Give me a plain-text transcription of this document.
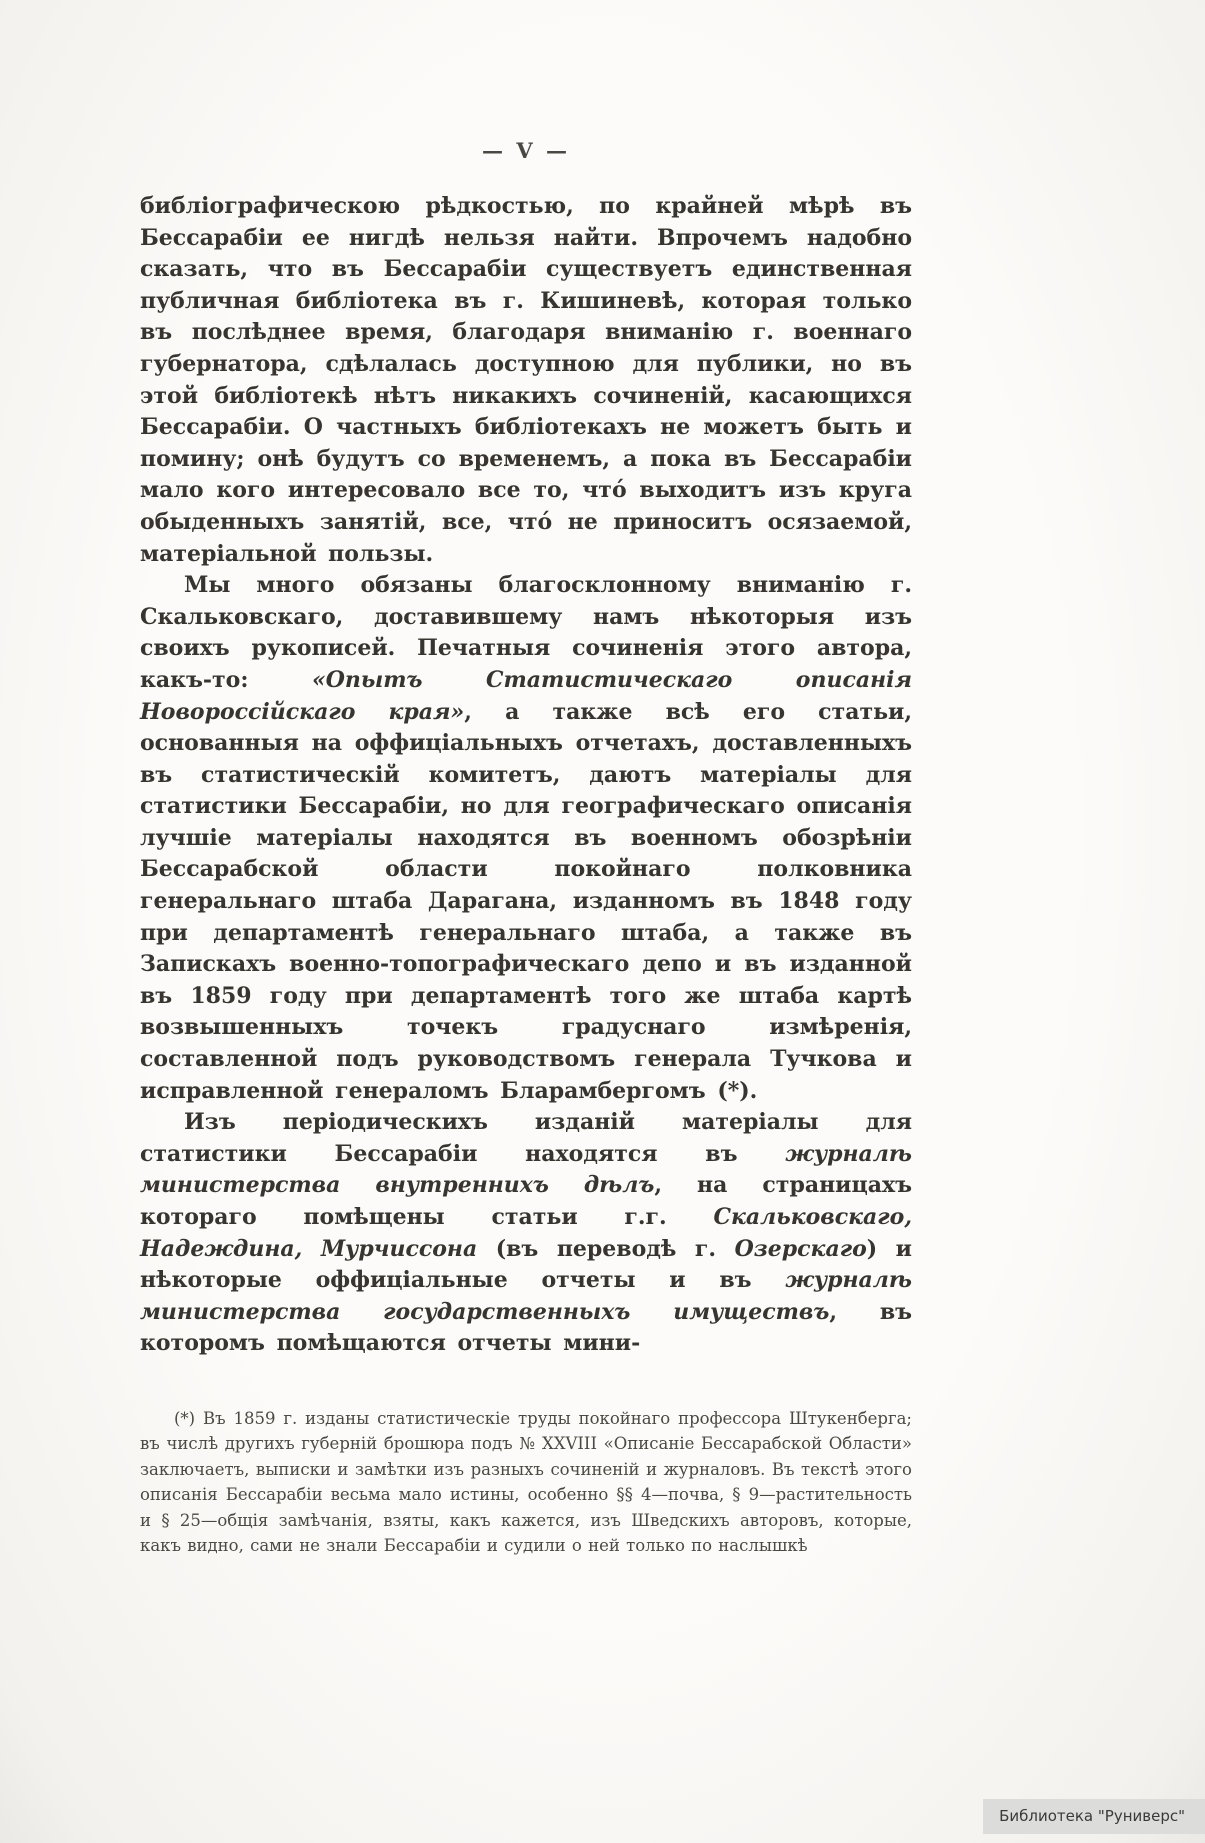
— V —

библіографическою рѣдкостью, по крайней мѣрѣ въ Бессарабіи ее нигдѣ нельзя найти. Впрочемъ надобно сказать, что въ Бессарабіи существуетъ единственная публичная библіотека въ г. Кишиневѣ, которая только въ послѣднее время, благодаря вниманію г. военнаго губернатора, сдѣлалась доступною для публики, но въ этой библіотекѣ нѣтъ никакихъ сочиненій, касающихся Бессарабіи. О частныхъ библіотекахъ не можетъ быть и помину; онѣ будутъ со временемъ, а пока въ Бессарабіи мало кого интересовало все то, что́ выходитъ изъ круга обыденныхъ занятій, все, что́ не приноситъ осязаемой, матеріальной пользы.

Мы много обязаны благосклонному вниманію г. Скальковскаго, доставившему намъ нѣкоторыя изъ своихъ рукописей. Печатныя сочиненія этого автора, какъ-то: «Опытъ Статистическаго описанія Новороссійскаго края», а также всѣ его статьи, основанныя на оффиціальныхъ отчетахъ, доставленныхъ въ статистическій комитетъ, даютъ матеріалы для статистики Бессарабіи, но для географическаго описанія лучшіе матеріалы находятся въ военномъ обозрѣніи Бессарабской области покойнаго полковника генеральнаго штаба Дарагана, изданномъ въ 1848 году при департаментѣ генеральнаго штаба, а также въ Запискахъ военно-топографическаго депо и въ изданной въ 1859 году при департаментѣ того же штаба картѣ возвышенныхъ точекъ градуснаго измѣренія, составленной подъ руководствомъ генерала Тучкова и исправленной генераломъ Бларамбергомъ (*).

Изъ періодическихъ изданій матеріалы для статистики Бессарабіи находятся въ журналѣ министерства внутреннихъ дѣлъ, на страницахъ котораго помѣщены статьи г.г. Скальковскаго, Надеждина, Мурчиссона (въ переводѣ г. Озерскаго) и нѣкоторые оффиціальные отчеты и въ журналѣ министерства государственныхъ имуществъ, въ которомъ помѣщаются отчеты мини-

(*) Въ 1859 г. изданы статистическіе труды покойнаго профессора Штукенберга; въ числѣ другихъ губерній брошюра подъ № XXVIII «Описаніе Бессарабской Области» заключаетъ, выписки и замѣтки изъ разныхъ сочиненій и журналовъ. Въ текстѣ этого описанія Бессарабіи весьма мало истины, особенно §§ 4—почва, § 9—растительность и § 25—общія замѣчанія, взяты, какъ кажется, изъ Шведскихъ авторовъ, которые, какъ видно, сами не знали Бессарабіи и судили о ней только по наслышкѣ
Библиотека "Руниверс"
